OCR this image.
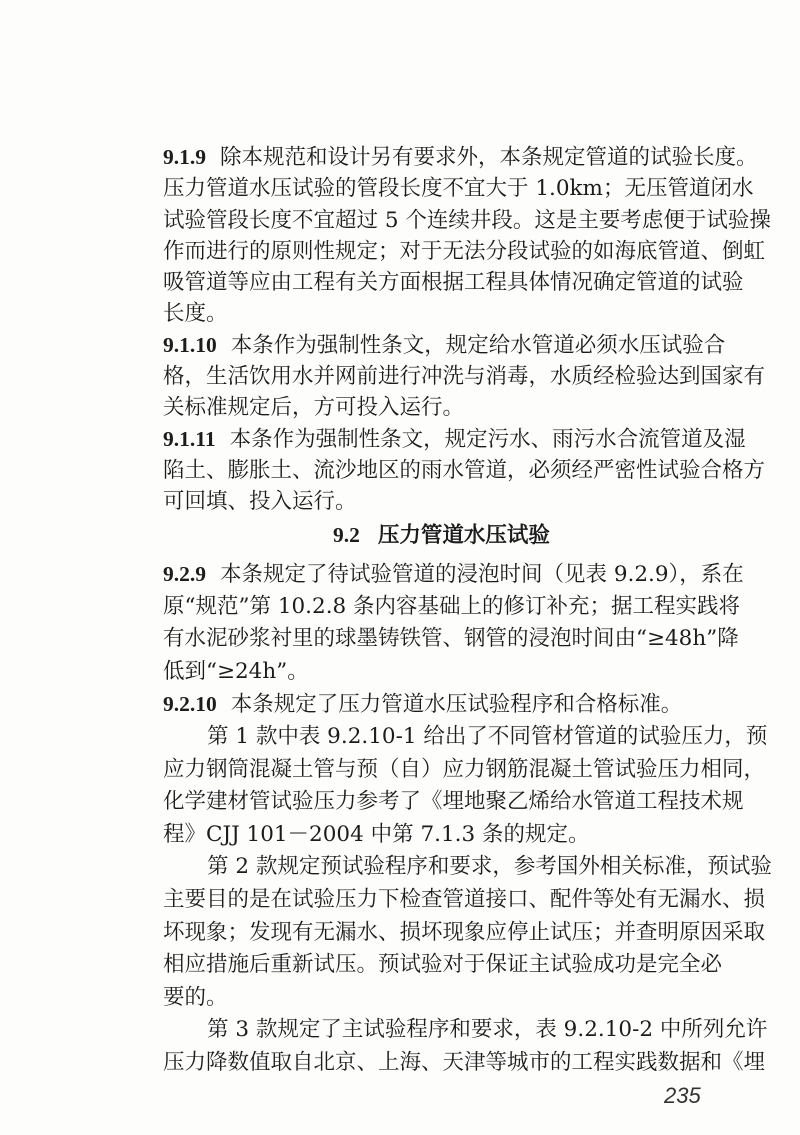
9.1.9 除本规范和设计另有要求外，本条规定管道的试验长度。
压力管道水压试验的管段长度不宜大于 1.0km；无压管道闭水
试验管段长度不宜超过 5 个连续井段。这是主要考虑便于试验操
作而进行的原则性规定；对于无法分段试验的如海底管道、倒虹
吸管道等应由工程有关方面根据工程具体情况确定管道的试验
长度。
9.1.10 本条作为强制性条文，规定给水管道必须水压试验合
格，生活饮用水并网前进行冲洗与消毒，水质经检验达到国家有
关标准规定后，方可投入运行。
9.1.11 本条作为强制性条文，规定污水、雨污水合流管道及湿
陷土、膨胀土、流沙地区的雨水管道，必须经严密性试验合格方
可回填、投入运行。
9.2 压力管道水压试验
9.2.9 本条规定了待试验管道的浸泡时间（见表 9.2.9），系在
原“规范”第 10.2.8 条内容基础上的修订补充；据工程实践将
有水泥砂浆衬里的球墨铸铁管、钢管的浸泡时间由“≥48h”降
低到“≥24h”。
9.2.10 本条规定了压力管道水压试验程序和合格标准。
第 1 款中表 9.2.10-1 给出了不同管材管道的试验压力，预
应力钢筒混凝土管与预（自）应力钢筋混凝土管试验压力相同，
化学建材管试验压力参考了《埋地聚乙烯给水管道工程技术规
程》CJJ 101－2004 中第 7.1.3 条的规定。
第 2 款规定预试验程序和要求，参考国外相关标准，预试验
主要目的是在试验压力下检查管道接口、配件等处有无漏水、损
坏现象；发现有无漏水、损坏现象应停止试压；并查明原因采取
相应措施后重新试压。预试验对于保证主试验成功是完全必
要的。
第 3 款规定了主试验程序和要求，表 9.2.10-2 中所列允许
压力降数值取自北京、上海、天津等城市的工程实践数据和《埋
235
